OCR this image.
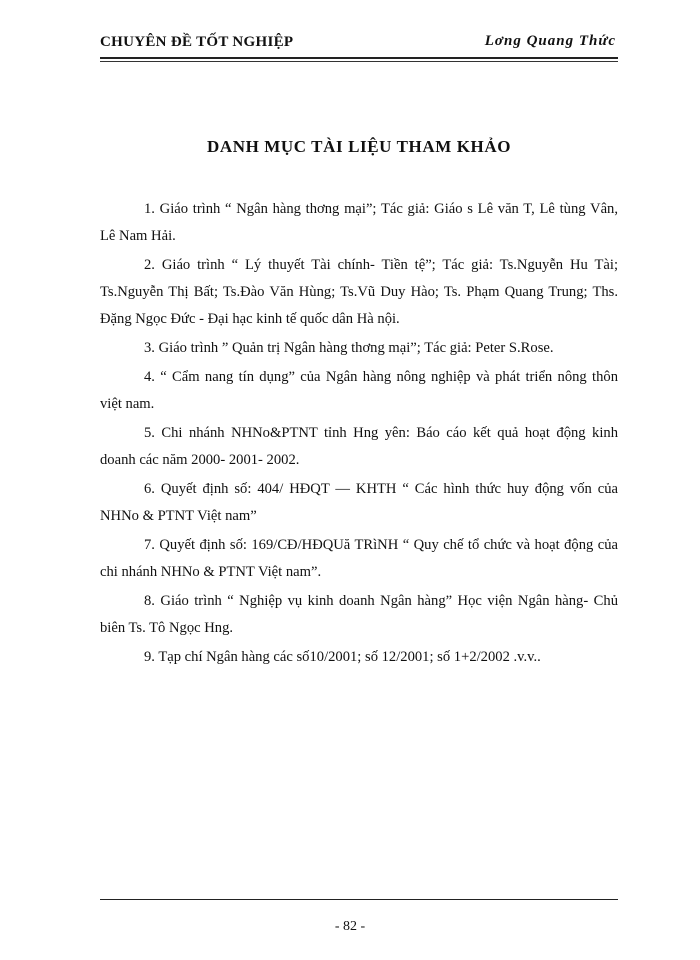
CHUYÊN ĐỀ TỐT NGHIỆP	Lơng Quang Thức
DANH MỤC TÀI LIỆU THAM KHẢO
1. Giáo trình “ Ngân hàng thơng mại”; Tác giả: Giáo s Lê văn T, Lê tùng Vân, Lê Nam Hải.
2. Giáo trình “ Lý thuyết Tài chính- Tiền tệ”; Tác giả: Ts.Nguyễn Hu Tài; Ts.Nguyễn Thị Bất; Ts.Đào Văn Hùng; Ts.Vũ Duy Hào; Ts. Phạm Quang Trung; Ths. Đặng Ngọc Đức - Đại hạc kinh tế quốc dân Hà nội.
3. Giáo trình ” Quản trị Ngân hàng thơng mại”; Tác giả: Peter S.Rose.
4. “ Cẩm nang tín dụng” của Ngân hàng nông nghiệp và phát triển nông thôn việt nam.
5. Chi nhánh NHNo&PTNT tỉnh Hng yên: Báo cáo kết quả hoạt động kinh doanh các năm 2000- 2001- 2002.
6. Quyết định số: 404/ HĐQT — KHTH “ Các hình thức huy động vốn của NHNo & PTNT Việt nam”
7. Quyết định số: 169/CĐ/HĐQUă TRìNH “ Quy chế tổ chức và hoạt động của chi nhánh NHNo & PTNT Việt nam”.
8. Giáo trình “ Nghiệp vụ kinh doanh Ngân hàng” Học viện Ngân hàng- Chủ biên Ts. Tô Ngọc Hng.
9. Tạp chí Ngân hàng các số10/2001; số 12/2001; số 1+2/2002 .v.v..
- 82 -
